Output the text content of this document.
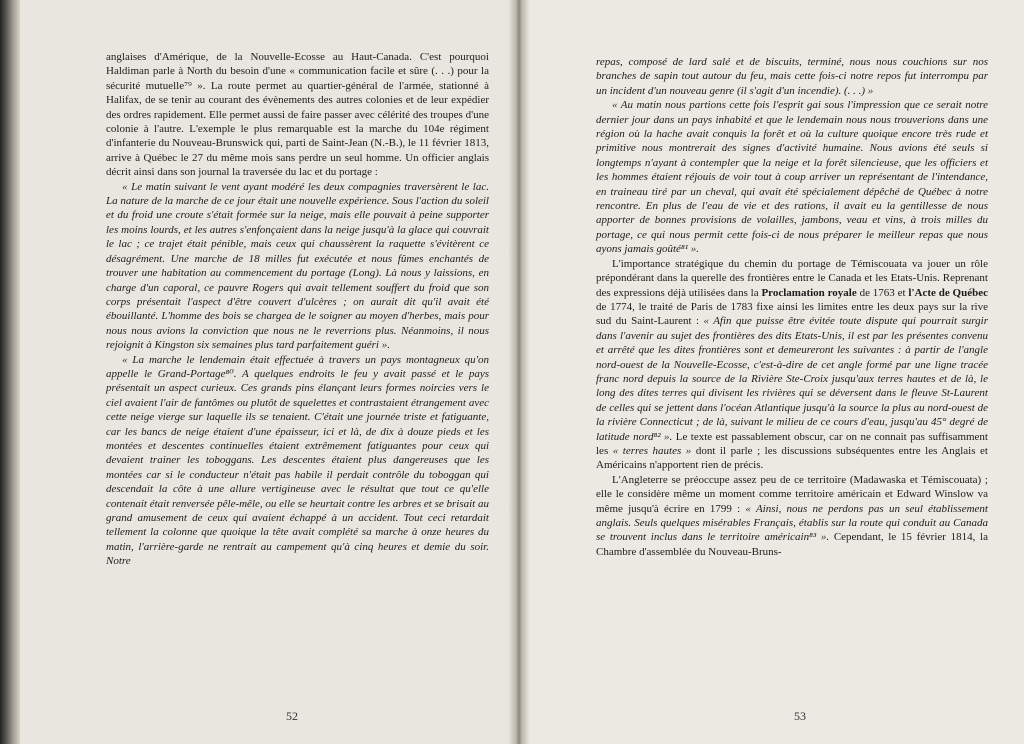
anglaises d'Amérique, de la Nouvelle-Ecosse au Haut-Canada. C'est pourquoi Haldiman parle à North du besoin d'une « communication facile et sûre (. . .) pour la sécurité mutuelle⁷⁹ ». La route permet au quartier-général de l'armée, stationné à Halifax, de se tenir au courant des évènements des autres colonies et de leur expédier des ordres rapidement. Elle permet aussi de faire passer avec célérité des troupes d'une colonie à l'autre. L'exemple le plus remarquable est la marche du 104e régiment d'infanterie du Nouveau-Brunswick qui, parti de Saint-Jean (N.-B.), le 11 février 1813, arrive à Québec le 27 du même mois sans perdre un seul homme. Un officier anglais décrit ainsi dans son journal la traversée du lac et du portage :

« Le matin suivant le vent ayant modéré les deux compagnies traversèrent le lac. La nature de la marche de ce jour était une nouvelle expérience. Sous l'action du soleil et du froid une croute s'était formée sur la neige, mais elle pouvait à peine supporter les moins lourds, et les autres s'enfonçaient dans la neige jusqu'à la glace qui couvrait le lac ; ce trajet était pénible, mais ceux qui chaussèrent la raquette s'évitèrent ce désagrément. Une marche de 18 milles fut exécutée et nous fûmes enchantés de trouver une habitation au commencement du portage (Long). Là nous y laissions, en charge d'un caporal, ce pauvre Rogers qui avait tellement souffert du froid que son corps présentait l'aspect d'être couvert d'ulcères ; on aurait dit qu'il avait été ébouillanté. L'homme des bois se chargea de le soigner au moyen d'herbes, mais pour nous nous avions la conviction que nous ne le reverrions plus. Néanmoins, il nous rejoignit à Kingston six semaines plus tard parfaitement guéri ».

« La marche le lendemain était effectuée à travers un pays montagneux qu'on appelle le Grand-Portage⁸⁰. A quelques endroits le feu y avait passé et le pays présentait un aspect curieux. Ces grands pins élançant leurs formes noircies vers le ciel avaient l'air de fantômes ou plutôt de squelettes et contrastaient étrangement avec cette neige vierge sur laquelle ils se tenaient. C'était une journée triste et fatiguante, car les bancs de neige étaient d'une épaisseur, ici et là, de dix à douze pieds et les montées et descentes continuelles étaient extrêmement fatiguantes pour ceux qui devaient trainer les toboggans. Les descentes étaient plus dangereuses que les montées car si le conducteur n'était pas habile il perdait contrôle du toboggan qui descendait la côte à une allure vertigineuse avec le résultat que tout ce qu'elle contenait était renversée pêle-mêle, ou elle se heurtait contre les arbres et se brisait au grand amusement de ceux qui avaient échappé à un accident. Tout ceci retardait tellement la colonne que quoique la tête avait complété sa marche à onze heures du matin, l'arrière-garde ne rentrait au campement qu'à cinq heures et demie du soir. Notre

52

repas, composé de lard salé et de biscuits, terminé, nous nous couchions sur nos branches de sapin tout autour du feu, mais cette fois-ci notre repos fut interrompu par un incident d'un nouveau genre (il s'agit d'un incendie). (. . .) »

« Au matin nous partions cette fois l'esprit gai sous l'impression que ce serait notre dernier jour dans un pays inhabité et que le lendemain nous nous trouverions dans une région où la hache avait conquis la forêt et où la culture quoique encore très rude et primitive nous montrerait des signes d'activité humaine. Nous avions été seuls si longtemps n'ayant à contempler que la neige et la forêt silencieuse, que les officiers et les hommes étaient réjouis de voir tout à coup arriver un représentant de l'intendance, en traineau tiré par un cheval, qui avait été spécialement dépêché de Québec à notre rencontre. En plus de l'eau de vie et des rations, il avait eu la gentillesse de nous apporter de bonnes provisions de volailles, jambons, veau et vins, à trois milles du portage, ce qui nous permit cette fois-ci de nous préparer le meilleur repas que nous ayons jamais goûté⁸¹ ».

L'importance stratégique du chemin du portage de Témiscouata va jouer un rôle prépondérant dans la querelle des frontières entre le Canada et les Etats-Unis. Reprenant des expressions déjà utilisées dans la Proclamation royale de 1763 et l'Acte de Québec de 1774, le traité de Paris de 1783 fixe ainsi les limites entre les deux pays sur la rive sud du Saint-Laurent : « Afin que puisse être évitée toute dispute qui pourrait surgir dans l'avenir au sujet des frontières des dits Etats-Unis, il est par les présentes convenu et arrêté que les dites frontières sont et demeureront les suivantes : à partir de l'angle nord-ouest de la Nouvelle-Ecosse, c'est-à-dire de cet angle formé par une ligne tracée franc nord depuis la source de la Rivière Ste-Croix jusqu'aux terres hautes et de là, le long des dites terres qui divisent les rivières qui se déversent dans le fleuve St-Laurent de celles qui se jettent dans l'océan Atlantique jusqu'à la source la plus au nord-ouest de la rivière Connecticut ; de là, suivant le milieu de ce cours d'eau, jusqu'au 45° degré de latitude nord⁸² ». Le texte est passablement obscur, car on ne connait pas suffisamment les « terres hautes » dont il parle ; les discussions subséquentes entre les Anglais et Américains n'apportent rien de précis.

L'Angleterre se préoccupe assez peu de ce territoire (Madawaska et Témiscouata) ; elle le considère même un moment comme territoire américain et Edward Winslow va même jusqu'à écrire en 1799 : « Ainsi, nous ne perdons pas un seul établissement anglais. Seuls quelques misérables Français, établis sur la route qui conduit au Canada se trouvent inclus dans le territoire américain⁸³ ». Cependant, le 15 février 1814, la Chambre d'assemblée du Nouveau-Bruns-

53
